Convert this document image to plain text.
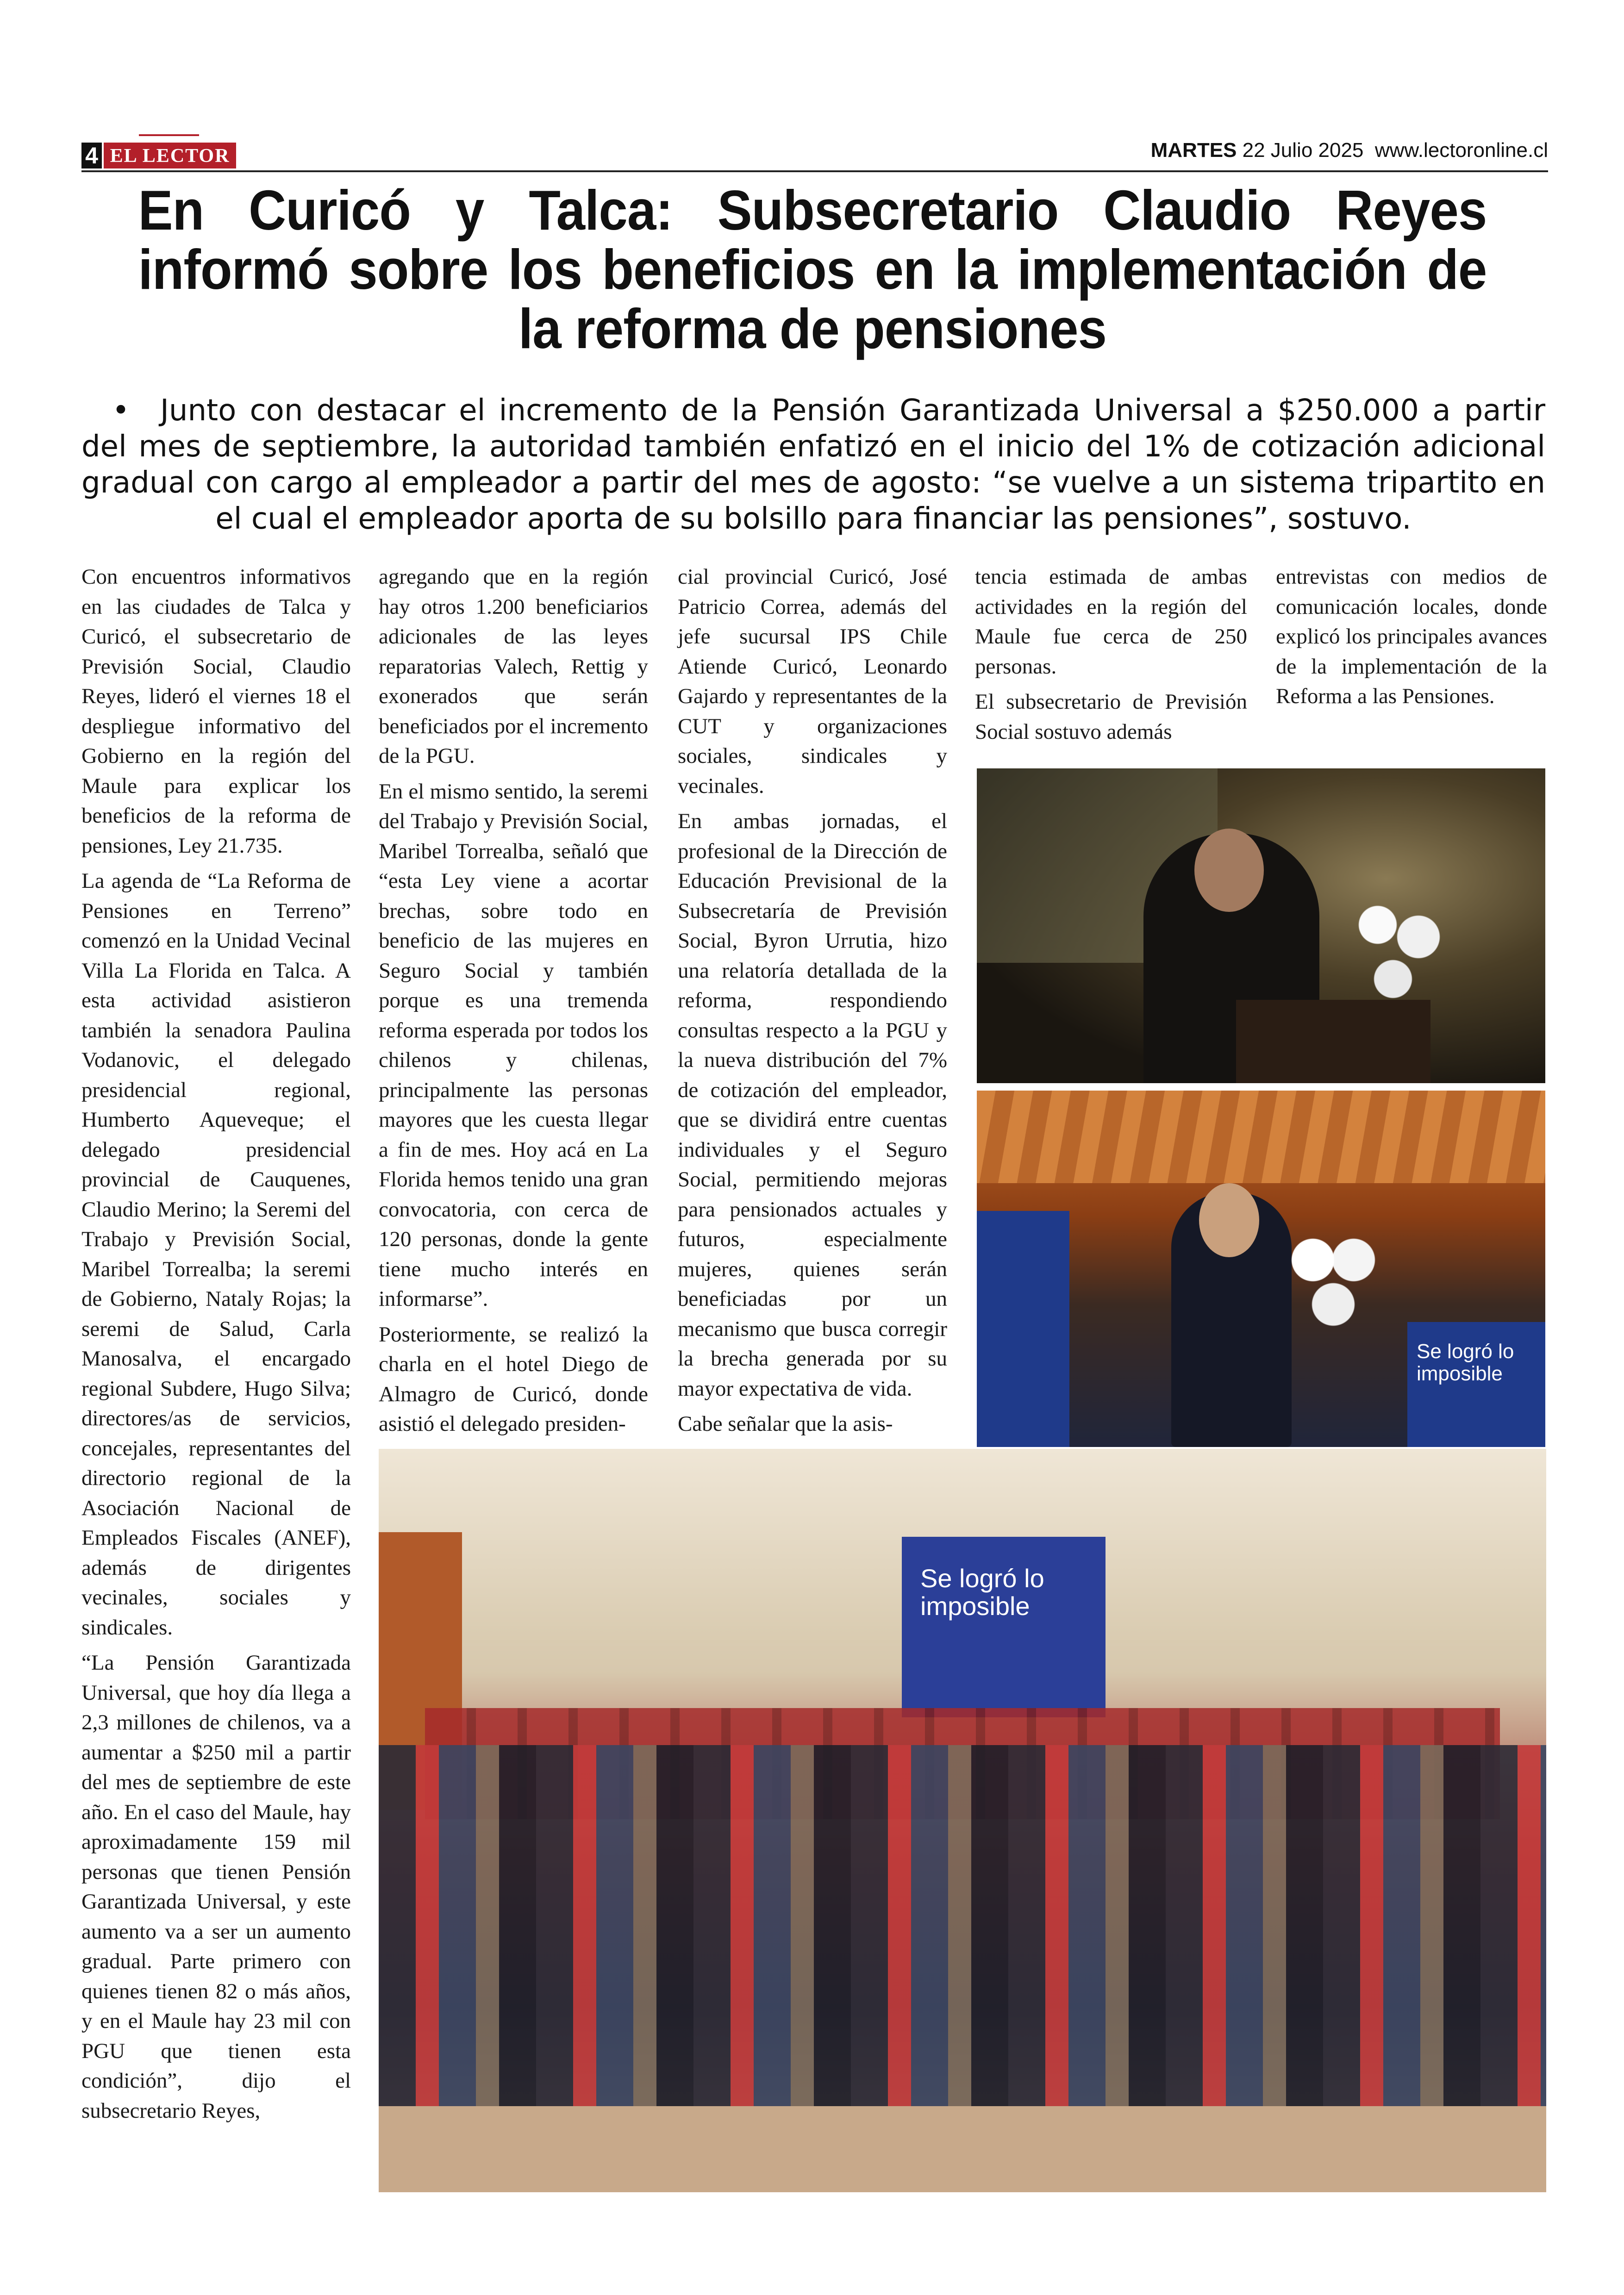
4 EL LECTOR	MARTES 22 Julio 2025 www.lectoronline.cl
En Curicó y Talca: Subsecretario Claudio Reyes informó sobre los beneficios en la implementación de la reforma de pensiones
• Junto con destacar el incremento de la Pensión Garantizada Universal a $250.000 a partir del mes de septiembre, la autoridad también enfatizó en el inicio del 1% de cotización adicional gradual con cargo al empleador a partir del mes de agosto: “se vuelve a un sistema tripartito en el cual el empleador aporta de su bolsillo para financiar las pensiones”, sostuvo.

Con encuentros informativos en las ciudades de Talca y Curicó, el subsecretario de Previsión Social, Claudio Reyes, lideró el viernes 18 el despliegue informativo del Gobierno en la región del Maule para explicar los beneficios de la reforma de pensiones, Ley 21.735.

La agenda de “La Reforma de Pensiones en Terreno” comenzó en la Unidad Vecinal Villa La Florida en Talca. A esta actividad asistieron también la senadora Paulina Vodanovic, el delegado presidencial regional, Humberto Aqueveque; el delegado presidencial provincial de Cauquenes, Claudio Merino; la Seremi del Trabajo y Previsión Social, Maribel Torrealba; la seremi de Gobierno, Nataly Rojas; la seremi de Salud, Carla Manosalva, el encargado regional Subdere, Hugo Silva; directores/as de servicios, concejales, representantes del directorio regional de la Asociación Nacional de Empleados Fiscales (ANEF), además de dirigentes vecinales, sociales y sindicales.

“La Pensión Garantizada Universal, que hoy día llega a 2,3 millones de chilenos, va a aumentar a $250 mil a partir del mes de septiembre de este año. En el caso del Maule, hay aproximadamente 159 mil personas que tienen Pensión Garantizada Universal, y este aumento va a ser un aumento gradual. Parte primero con quienes tienen 82 o más años, y en el Maule hay 23 mil con PGU que tienen esta condición”, dijo el subsecretario Reyes,

agregando que en la región hay otros 1.200 beneficiarios adicionales de las leyes reparatorias Valech, Rettig y exonerados que serán beneficiados por el incremento de la PGU.

En el mismo sentido, la seremi del Trabajo y Previsión Social, Maribel Torrealba, señaló que “esta Ley viene a acortar brechas, sobre todo en beneficio de las mujeres en Seguro Social y también porque es una tremenda reforma esperada por todos los chilenos y chilenas, principalmente las personas mayores que les cuesta llegar a fin de mes. Hoy acá en La Florida hemos tenido una gran convocatoria, con cerca de 120 personas, donde la gente tiene mucho interés en informarse”.

Posteriormente, se realizó la charla en el hotel Diego de Almagro de Curicó, donde asistió el delegado presiden-

cial provincial Curicó, José Patricio Correa, además del jefe sucursal IPS Chile Atiende Curicó, Leonardo Gajardo y representantes de la CUT y organizaciones sociales, sindicales y vecinales.

En ambas jornadas, el profesional de la Dirección de Educación Previsional de la Subsecretaría de Previsión Social, Byron Urrutia, hizo una relatoría detallada de la reforma, respondiendo consultas respecto a la PGU y la nueva distribución del 7% de cotización del empleador, que se dividirá entre cuentas individuales y el Seguro Social, permitiendo mejoras para pensionados actuales y futuros, especialmente mujeres, quienes serán beneficiadas por un mecanismo que busca corregir la brecha generada por su mayor expectativa de vida.

Cabe señalar que la asis-

tencia estimada de ambas actividades en la región del Maule fue cerca de 250 personas.

El subsecretario de Previsión Social sostuvo además

entrevistas con medios de comunicación locales, donde explicó los principales avances de la implementación de la Reforma a las Pensiones.

Se logró lo imposible
Se logró lo imposible
